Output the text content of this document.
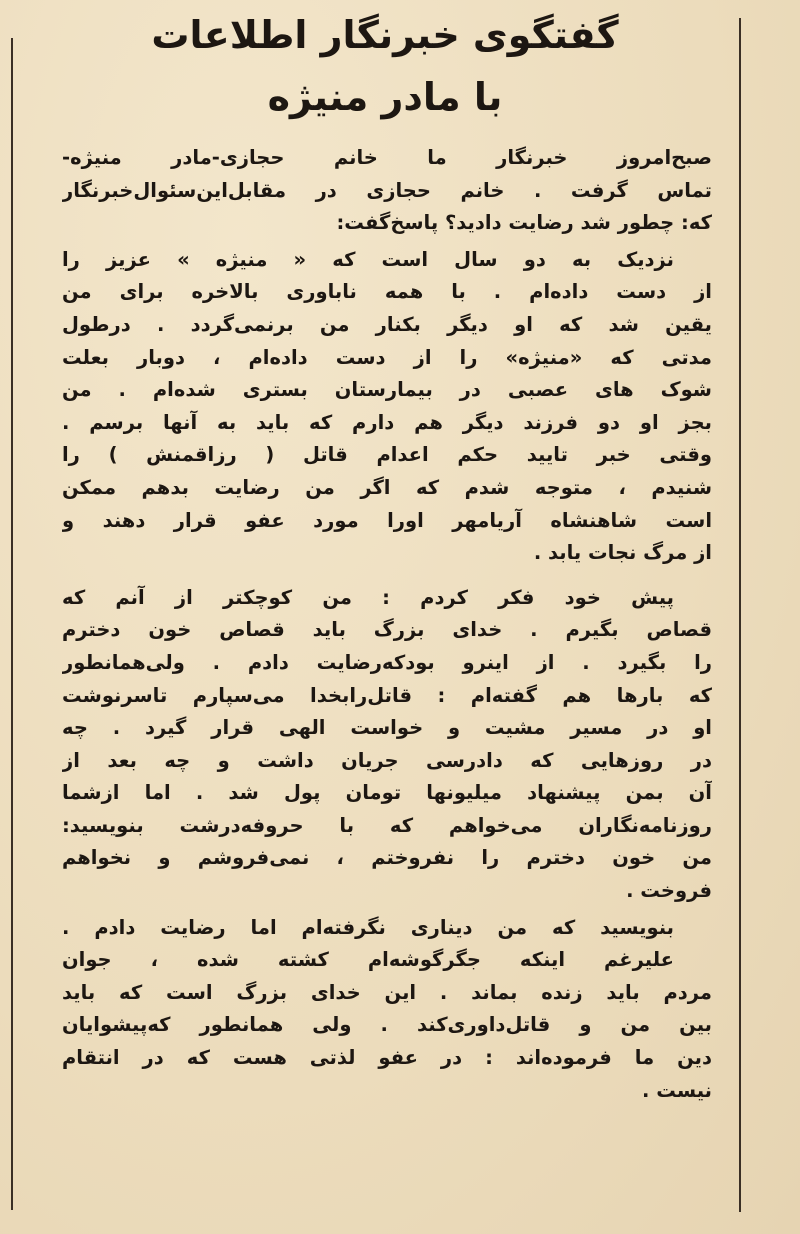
گفتگوی خبرنگار اطلاعات
با مادر منیژه
صبح‌امروز خبرنگار ما خانم حجازی-مادر منیژه-
تماس گرفت . خانم حجازی در مقابل‌این‌سئوال‌خبرنگار
که: چطور شد رضایت دادید؟ پاسخ‌گفت:
نزدیک به دو سال است که « منیژه » عزیز را
از دست داده‌ام . با همه ناباوری بالاخره برای من
یقین شد که او دیگر بکنار من برنمی‌گردد . درطول
مدتی که «منیژه» را از دست داده‌ام ، دوبار بعلت
شوک های عصبی در بیمارستان بستری شده‌ام . من
بجز او دو فرزند دیگر هم دارم که باید به آنها برسم .
وقتی خبر تایید حکم اعدام قاتل ( رزاقمنش ) را
شنیدم ، متوجه شدم که اگر من رضایت بدهم ممکن
است شاهنشاه آریامهر اورا مورد عفو قرار دهند و
از مرگ نجات یابد .
پیش خود فکر کردم : من کوچکتر از آنم که
قصاص بگیرم . خدای بزرگ باید قصاص خون دخترم
را بگیرد . از اینرو بودکه‌رضایت دادم . ولی‌همانطور
که بارها هم گفته‌ام : قاتل‌رابخدا می‌سپارم تاسرنوشت
او در مسیر مشیت و خواست الهی قرار گیرد . چه
در روزهایی که دادرسی جریان داشت و چه بعد از
آن بمن پیشنهاد میلیونها تومان پول شد . اما ازشما
روزنامه‌نگاران می‌خواهم که با حروفه‌درشت بنویسید:
من خون دخترم را نفروختم ، نمی‌فروشم و نخواهم
فروخت .
بنویسید که من دیناری نگرفته‌ام اما رضایت دادم .
علیرغم اینکه جگرگوشه‌ام کشته شده ، جوان
مردم باید زنده بماند . این خدای بزرگ است که باید
بین من و قاتل‌داوری‌کند . ولی همانطور که‌پیشوایان
دین ما فرموده‌اند : در عفو لذتی هست که در انتقام
نیست .
